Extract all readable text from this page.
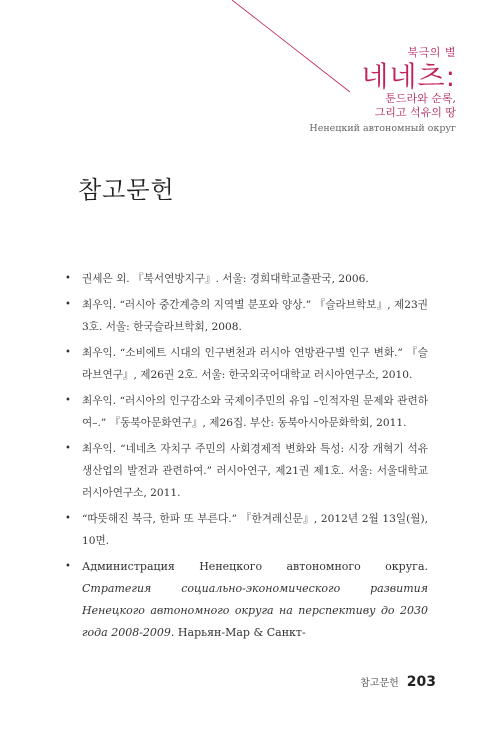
북극의 별
네네츠:
툰드라와 순록,
그리고 석유의 땅
Ненецкий автономный округ
참고문헌
• 권세은 외. 『북서연방지구』. 서울: 경희대학교출판국, 2006.
• 최우익. “러시아 중간계층의 지역별 분포와 양상.” 『슬라브학보』, 제23권 3호. 서울: 한국슬라브학회, 2008.
• 최우익. “소비에트 시대의 인구변천과 러시아 연방관구별 인구 변화.” 『슬라브연구』, 제26권 2호. 서울: 한국외국어대학교 러시아연구소, 2010.
• 최우익. “러시아의 인구감소와 국제이주민의 유입 –인적자원 문제와 관련하여–.” 『동북아문화연구』, 제26집. 부산: 동북아시아문화학회, 2011.
• 최우익. “네네츠 자치구 주민의 사회경제적 변화와 특성: 시장 개혁기 석유생산업의 발전과 관련하여.” 러시아연구, 제21권 제1호. 서울: 서울대학교 러시아연구소, 2011.
• “따뜻해진 북극, 한파 또 부른다.” 『한겨레신문』, 2012년 2월 13일(월), 10면.
• Администрация Ненецкого автономного округа. Стратегия социально-экономического развития Ненецкого автономного округа на перспективу до 2030 года 2008-2009. Нарьян-Мар & Санкт-
참고문헌 203
